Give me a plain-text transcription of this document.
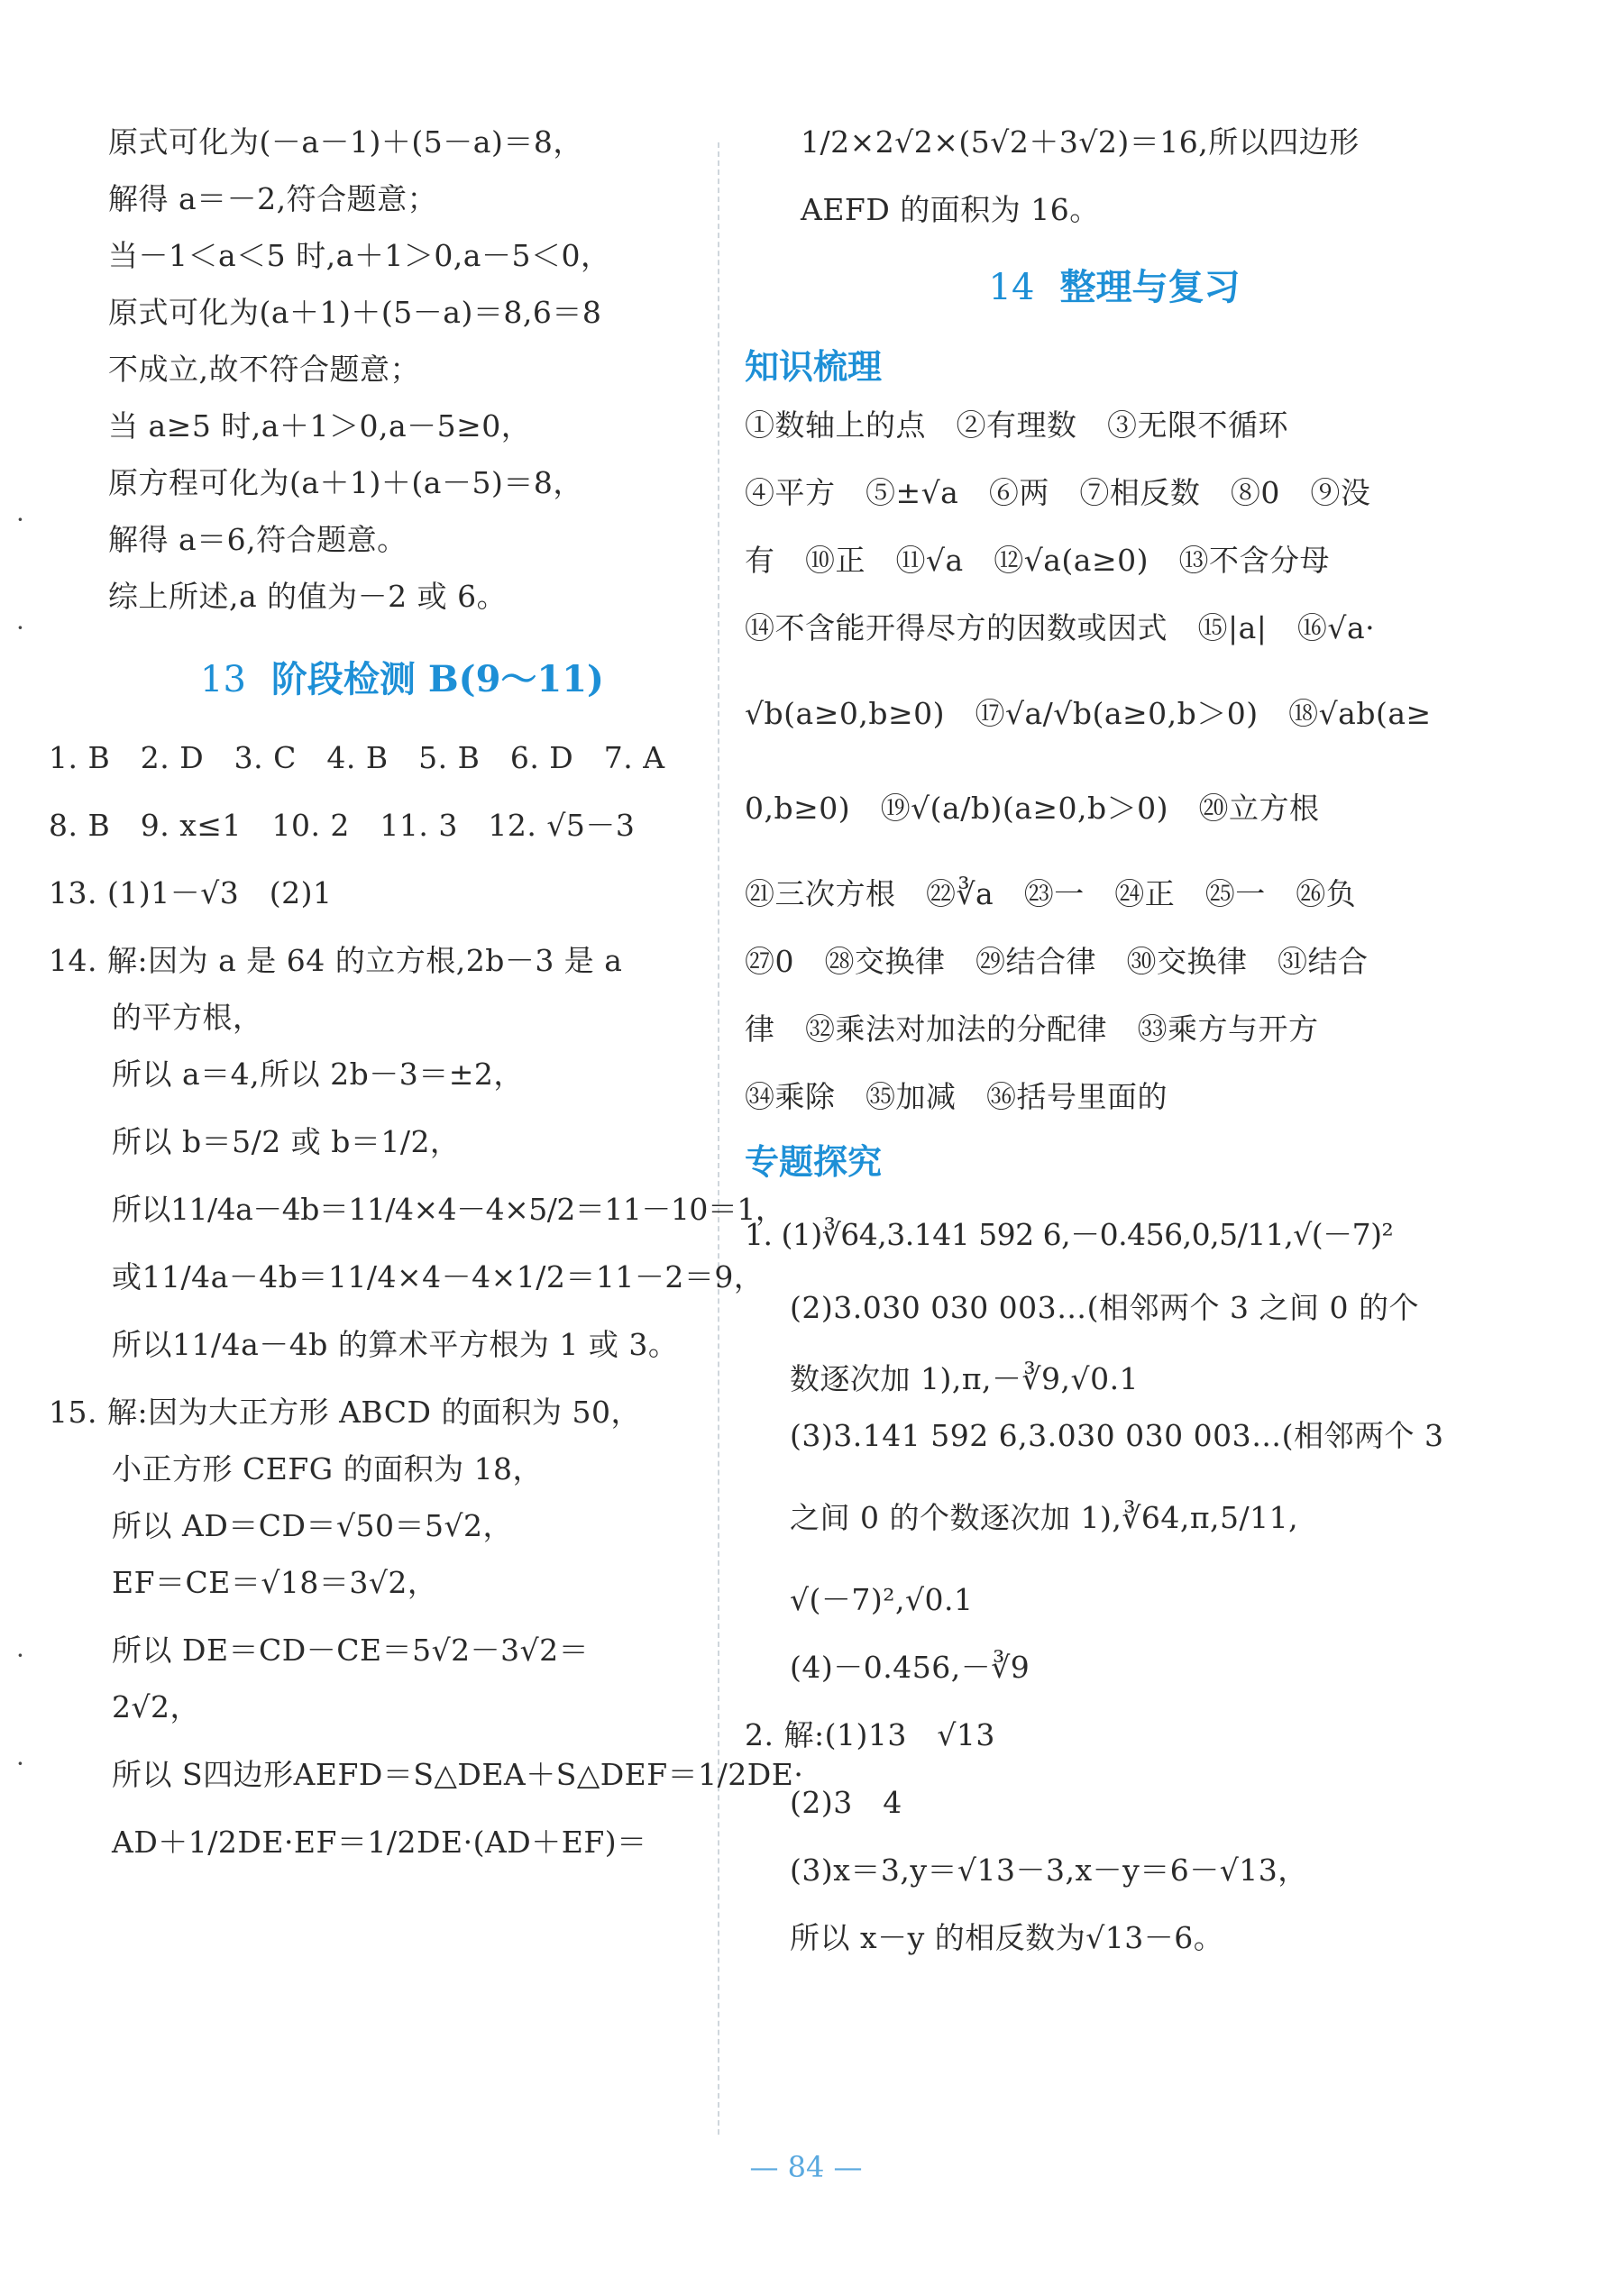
·
·
·
·

原式可化为(－a－1)＋(5－a)＝8，

解得 a＝－2,符合题意；

当－1＜a＜5 时,a＋1＞0,a－5＜0，

原式可化为(a＋1)＋(5－a)＝8,6＝8

不成立,故不符合题意；

当 a≥5 时,a＋1＞0,a－5≥0，

原方程可化为(a＋1)＋(a－5)＝8，

解得 a＝6,符合题意。

综上所述,a 的值为－2 或 6。

13 阶段检测 B(9～11)

1. B　2. D　3. C　4. B　5. B　6. D　7. A

8. B　9. x≤1　10. 2　11. 3　12. √5－3

13. (1)1－√3　(2)1

14. 解:因为 a 是 64 的立方根,2b－3 是 a

的平方根，

所以 a＝4,所以 2b－3＝±2，

所以 b＝5/2 或 b＝1/2，

所以11/4a－4b＝11/4×4－4×5/2＝11－10＝1，

或11/4a－4b＝11/4×4－4×1/2＝11－2＝9，

所以11/4a－4b 的算术平方根为 1 或 3。

15. 解:因为大正方形 ABCD 的面积为 50，

小正方形 CEFG 的面积为 18，

所以 AD＝CD＝√50＝5√2，

EF＝CE＝√18＝3√2，

所以 DE＝CD－CE＝5√2－3√2＝

2√2，

所以 S四边形AEFD＝S△DEA＋S△DEF＝1/2DE·

AD＋1/2DE·EF＝1/2DE·(AD＋EF)＝

1/2×2√2×(5√2＋3√2)＝16,所以四边形

AEFD 的面积为 16。

14 整理与复习

知识梳理

①数轴上的点　②有理数　③无限不循环

④平方　⑤±√a　⑥两　⑦相反数　⑧0　⑨没

有　⑩正　⑪√a　⑫√a(a≥0)　⑬不含分母

⑭不含能开得尽方的因数或因式　⑮|a|　⑯√a·

√b(a≥0,b≥0)　⑰√a/√b(a≥0,b＞0)　⑱√ab(a≥

0,b≥0)　⑲√(a/b)(a≥0,b＞0)　⑳立方根

㉑三次方根　㉒∛a　㉓一　㉔正　㉕一　㉖负

㉗0　㉘交换律　㉙结合律　㉚交换律　㉛结合

律　㉜乘法对加法的分配律　㉝乘方与开方

㉞乘除　㉟加减　㊱括号里面的

专题探究

1. (1)∛64,3.141 592 6,－0.456,0,5/11,√(－7)²

(2)3.030 030 003…(相邻两个 3 之间 0 的个

数逐次加 1),π,－∛9,√0.1

(3)3.141 592 6,3.030 030 003…(相邻两个 3

之间 0 的个数逐次加 1),∛64,π,5/11,

√(－7)²,√0.1

(4)－0.456,－∛9

2. 解:(1)13　√13

(2)3　4

(3)x＝3,y＝√13－3,x－y＝6－√13，

所以 x－y 的相反数为√13－6。

— 84 —
